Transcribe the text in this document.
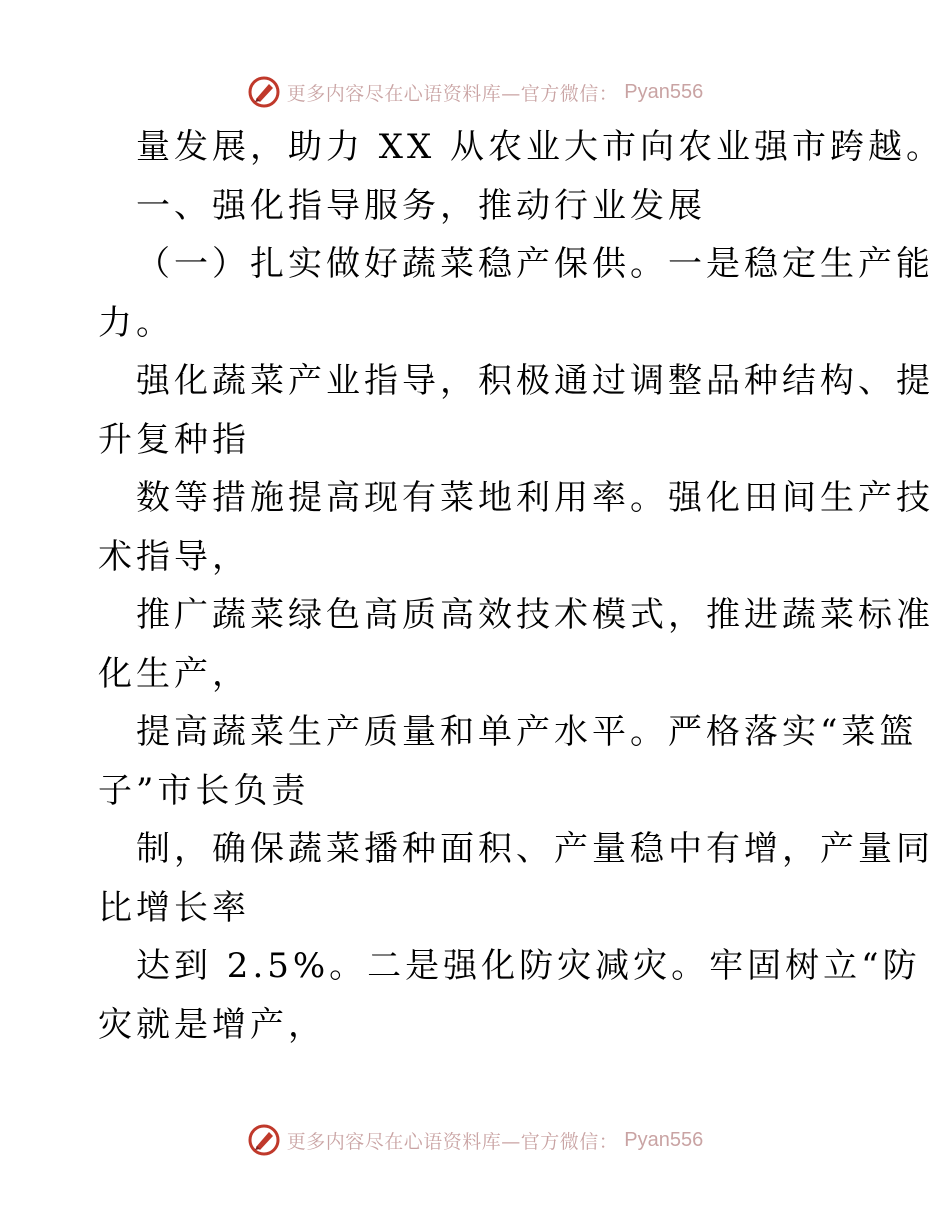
更多内容尽在心语资料库—官方微信： Pyan556
量发展，助力 XX 从农业大市向农业强市跨越。
一、强化指导服务，推动行业发展
（一）扎实做好蔬菜稳产保供。一是稳定生产能
力。
强化蔬菜产业指导，积极通过调整品种结构、提
升复种指
数等措施提高现有菜地利用率。强化田间生产技
术指导，
推广蔬菜绿色高质高效技术模式，推进蔬菜标准
化生产，
提高蔬菜生产质量和单产水平。严格落实“菜篮
子”市长负责
制，确保蔬菜播种面积、产量稳中有增，产量同
比增长率
达到 2.5%。二是强化防灾减灾。牢固树立“防
灾就是增产，
更多内容尽在心语资料库—官方微信： Pyan556
